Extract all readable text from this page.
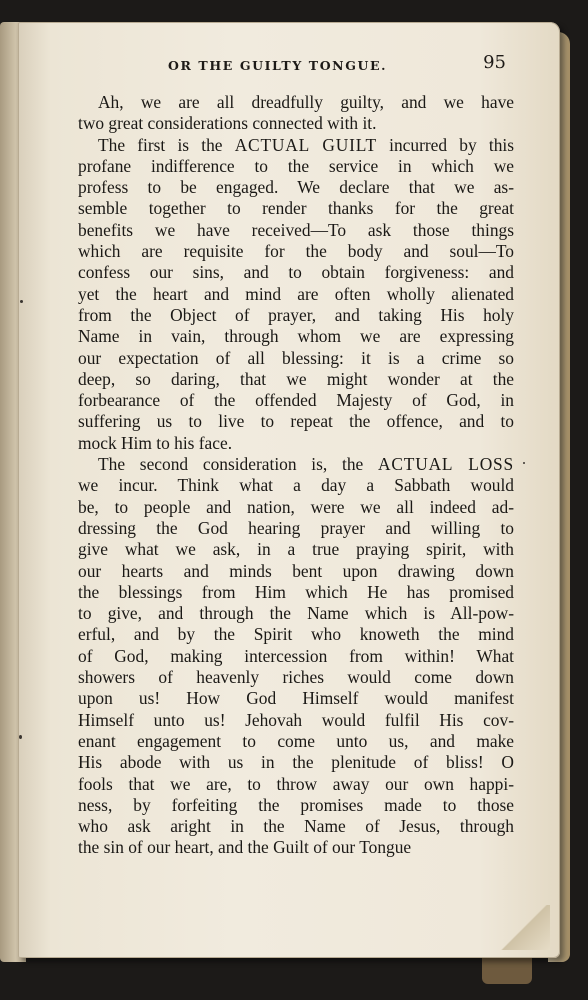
OR THE GUILTY TONGUE.	95
Ah, we are all dreadfully guilty, and we have
two great considerations connected with it.
The first is the ACTUAL GUILT incurred by this
profane indifference to the service in which we
profess to be engaged. We declare that we as-
semble together to render thanks for the great
benefits we have received—To ask those things
which are requisite for the body and soul—To
confess our sins, and to obtain forgiveness: and
yet the heart and mind are often wholly alienated
from the Object of prayer, and taking His holy
Name in vain, through whom we are expressing
our expectation of all blessing: it is a crime so
deep, so daring, that we might wonder at the
forbearance of the offended Majesty of God, in
suffering us to live to repeat the offence, and to
mock Him to his face.
The second consideration is, the ACTUAL LOSS
we incur. Think what a day a Sabbath would
be, to people and nation, were we all indeed ad-
dressing the God hearing prayer and willing to
give what we ask, in a true praying spirit, with
our hearts and minds bent upon drawing down
the blessings from Him which He has promised
to give, and through the Name which is All-pow-
erful, and by the Spirit who knoweth the mind
of God, making intercession from within! What
showers of heavenly riches would come down
upon us! How God Himself would manifest
Himself unto us! Jehovah would fulfil His cov-
enant engagement to come unto us, and make
His abode with us in the plenitude of bliss! O
fools that we are, to throw away our own happi-
ness, by forfeiting the promises made to those
who ask aright in the Name of Jesus, through
the sin of our heart, and the Guilt of our Tongue
